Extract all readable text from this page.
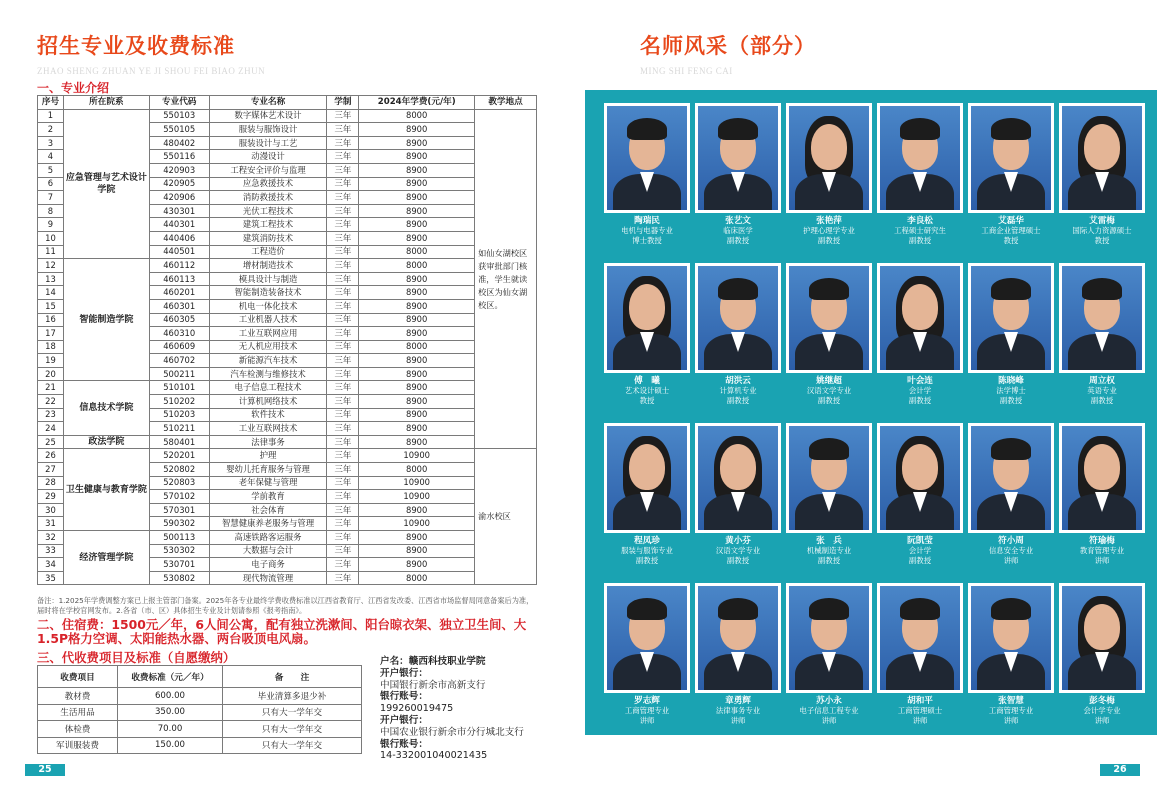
招生专业及收费标准
ZHAO SHENG ZHUAN YE JI SHOU FEI BIAO ZHUN
一、专业介绍
序号	所在院系	专业代码	专业名称	学制	2024年学费(元/年)	教学地点
1	应急管理与艺术设计学院	550103	数字媒体艺术设计	三年	8000	如仙女湖校区获审批部门核准，学生就读校区为仙女湖校区。
2		550105	服装与服饰设计	三年	8900	
3		480402	服装设计与工艺	三年	8900	
4		550116	动漫设计	三年	8900	
5		420903	工程安全评价与监理	三年	8900	
6		420905	应急救援技术	三年	8900	
7		420906	消防救援技术	三年	8900	
8		430301	光伏工程技术	三年	8900	
9		440301	建筑工程技术	三年	8900	
10		440406	建筑消防技术	三年	8900	
11		440501	工程造价	三年	8000	
12	智能制造学院	460112	增材制造技术	三年	8000	
13		460113	模具设计与制造	三年	8900	
14		460201	智能制造装备技术	三年	8900	
15		460301	机电一体化技术	三年	8900	
16		460305	工业机器人技术	三年	8900	
17		460310	工业互联网应用	三年	8900	
18		460609	无人机应用技术	三年	8000	
19		460702	新能源汽车技术	三年	8900	
20		500211	汽车检测与维修技术	三年	8900	
21	信息技术学院	510101	电子信息工程技术	三年	8900	
22		510202	计算机网络技术	三年	8900	
23		510203	软件技术	三年	8900	
24		510211	工业互联网技术	三年	8900	
25	政法学院	580401	法律事务	三年	8900	
26	卫生健康与教育学院	520201	护理	三年	10900	渝水校区
27		520802	婴幼儿托育服务与管理	三年	8000	
28		520803	老年保健与管理	三年	10900	
29		570102	学前教育	三年	10900	
30		570301	社会体育	三年	8900	
31		590302	智慧健康养老服务与管理	三年	10900	
32	经济管理学院	500113	高速铁路客运服务	三年	8900	
33		530302	大数据与会计	三年	8900	
34		530701	电子商务	三年	8900	
35		530802	现代物流管理	三年	8000	
备注：1.2025年学费调整方案已上报主管部门备案。2025年各专业最终学费收费标准以江西省教育厅、江西省发改委、江西省市场监督局同意备案后为准，届时将在学校官网发布。2.各省（市、区）具体招生专业及计划请参照《报考指南》。
二、住宿费：1500元／年，6人间公寓，配有独立洗漱间、阳台晾衣架、独立卫生间、大1.5P格力空调、太阳能热水器、两台吸顶电风扇。
三、代收费项目及标准（自愿缴纳）
收费项目	收费标准（元／年）	备　　注
教材费	600.00	毕业清算多退少补
生活用品	350.00	只有大一学年交
体检费	70.00	只有大一学年交
军训服装费	150.00	只有大一学年交
户名：赣西科技职业学院
开户银行：
中国银行新余市高新支行
银行账号：
199260019475
开户银行：
中国农业银行新余市分行城北支行
银行账号：
14-332001040021435
25
名师风采（部分）
MING SHI FENG CAI
陶瑞民
电机与电器专业
博士教授
张艺文
临床医学
副教授
张艳萍
护理心理学专业
副教授
李良松
工程硕士研究生
副教授
艾磊华
工商企业管理硕士
教授
艾雷梅
国际人力资源硕士
教授
傅　曦
艺术设计硕士
教授
胡洪云
计算机专业
副教授
姚继超
汉语文学专业
副教授
叶会连
会计学
副教授
陈晓峰
法学博士
副教授
周立权
英语专业
副教授
程凤珍
服装与服饰专业
副教授
黄小芬
汉语文学专业
副教授
张　兵
机械制造专业
副教授
阮凯莹
会计学
副教授
符小周
信息安全专业
讲师
符瑜梅
教育管理专业
讲师
罗志辉
工商管理专业
讲师
章勇辉
法律事务专业
讲师
苏小永
电子信息工程专业
讲师
胡和平
工商管理硕士
讲师
张智慧
工商管理专业
讲师
彭冬梅
会计学专业
讲师
26
